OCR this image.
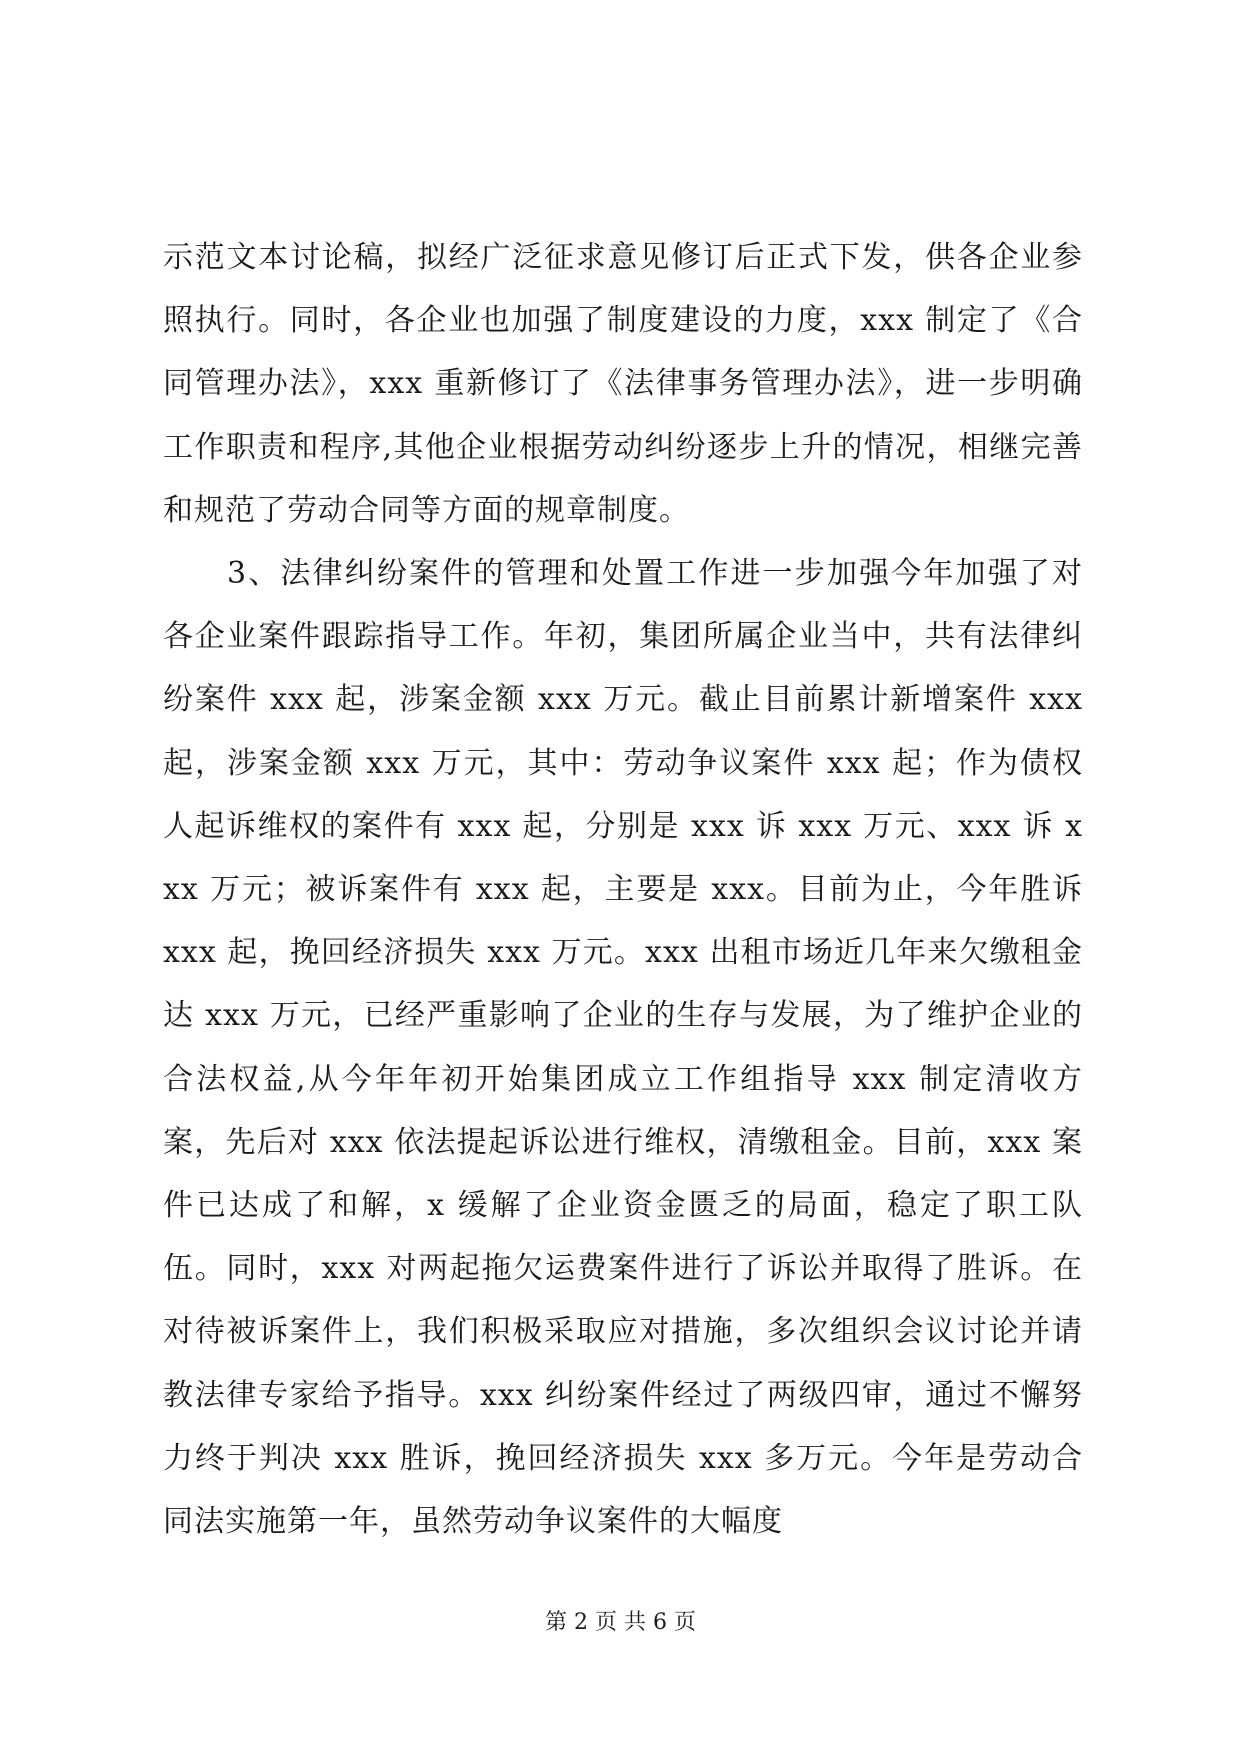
示范文本讨论稿，拟经广泛征求意见修订后正式下发，供各企业参照执行。同时，各企业也加强了制度建设的力度，xxx 制定了《合同管理办法》，xxx 重新修订了《法律事务管理办法》，进一步明确工作职责和程序,其他企业根据劳动纠纷逐步上升的情况，相继完善和规范了劳动合同等方面的规章制度。

3、法律纠纷案件的管理和处置工作进一步加强今年加强了对各企业案件跟踪指导工作。年初，集团所属企业当中，共有法律纠纷案件 xxx 起，涉案金额 xxx 万元。截止目前累计新增案件 xxx 起，涉案金额 xxx 万元，其中：劳动争议案件 xxx 起；作为债权人起诉维权的案件有 xxx 起，分别是 xxx 诉 xxx 万元、xxx 诉 xxx 万元；被诉案件有 xxx 起，主要是 xxx。目前为止，今年胜诉 xxx 起，挽回经济损失 xxx 万元。xxx 出租市场近几年来欠缴租金达 xxx 万元，已经严重影响了企业的生存与发展，为了维护企业的合法权益,从今年年初开始集团成立工作组指导 xxx 制定清收方案，先后对 xxx 依法提起诉讼进行维权，清缴租金。目前，xxx 案件已达成了和解，x 缓解了企业资金匮乏的局面，稳定了职工队伍。同时，xxx 对两起拖欠运费案件进行了诉讼并取得了胜诉。在对待被诉案件上，我们积极采取应对措施，多次组织会议讨论并请教法律专家给予指导。xxx 纠纷案件经过了两级四审，通过不懈努力终于判决 xxx 胜诉，挽回经济损失 xxx 多万元。今年是劳动合同法实施第一年，虽然劳动争议案件的大幅度

第 2 页 共 6 页
